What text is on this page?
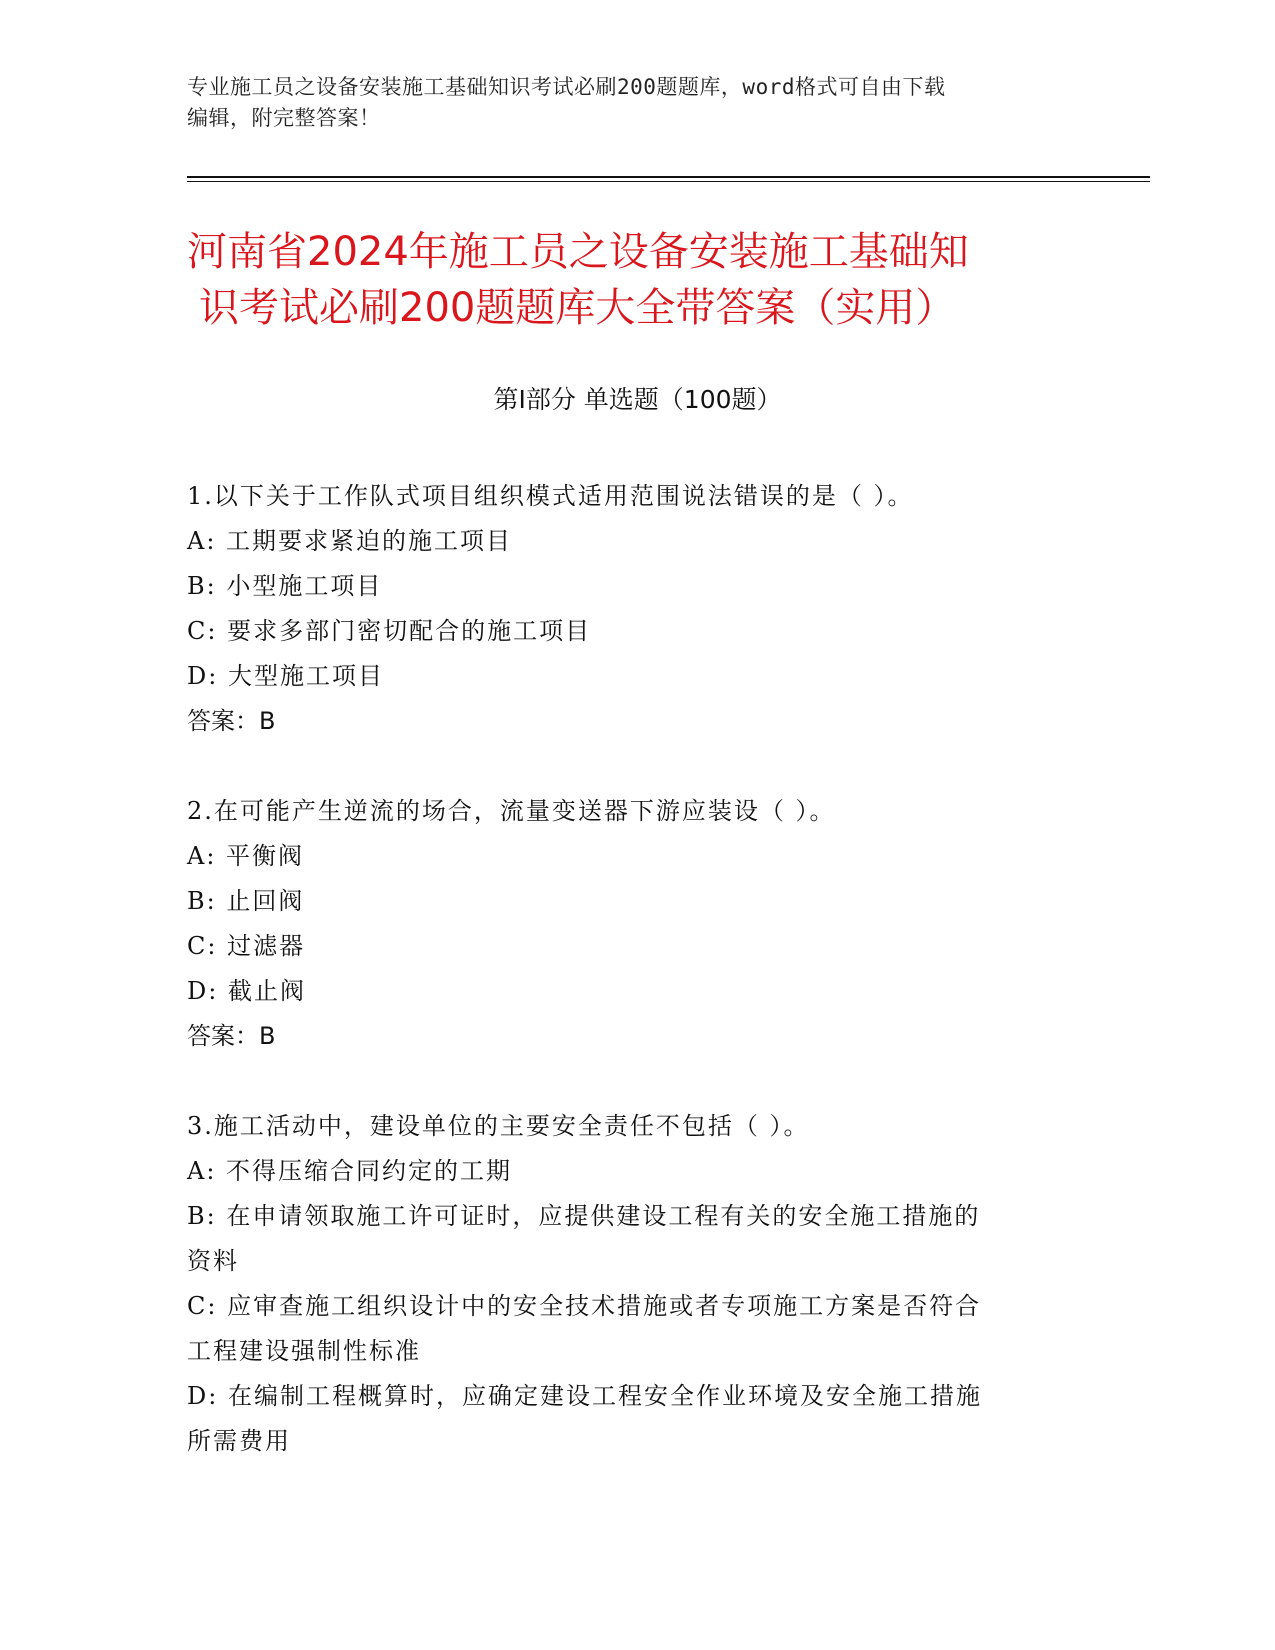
专业施工员之设备安装施工基础知识考试必刷200题题库，word格式可自由下载
编辑，附完整答案！
河南省2024年施工员之设备安装施工基础知
识考试必刷200题题库大全带答案（实用）
第Ⅰ部分 单选题（100题）
1.以下关于工作队式项目组织模式适用范围说法错误的是（ ）。
A: 工期要求紧迫的施工项目
B: 小型施工项目
C: 要求多部门密切配合的施工项目
D: 大型施工项目
答案：B
2.在可能产生逆流的场合，流量变送器下游应装设（ ）。
A: 平衡阀
B: 止回阀
C: 过滤器
D: 截止阀
答案：B
3.施工活动中，建设单位的主要安全责任不包括（ ）。
A: 不得压缩合同约定的工期
B: 在申请领取施工许可证时，应提供建设工程有关的安全施工措施的
资料
C: 应审查施工组织设计中的安全技术措施或者专项施工方案是否符合
工程建设强制性标准
D: 在编制工程概算时，应确定建设工程安全作业环境及安全施工措施
所需费用
